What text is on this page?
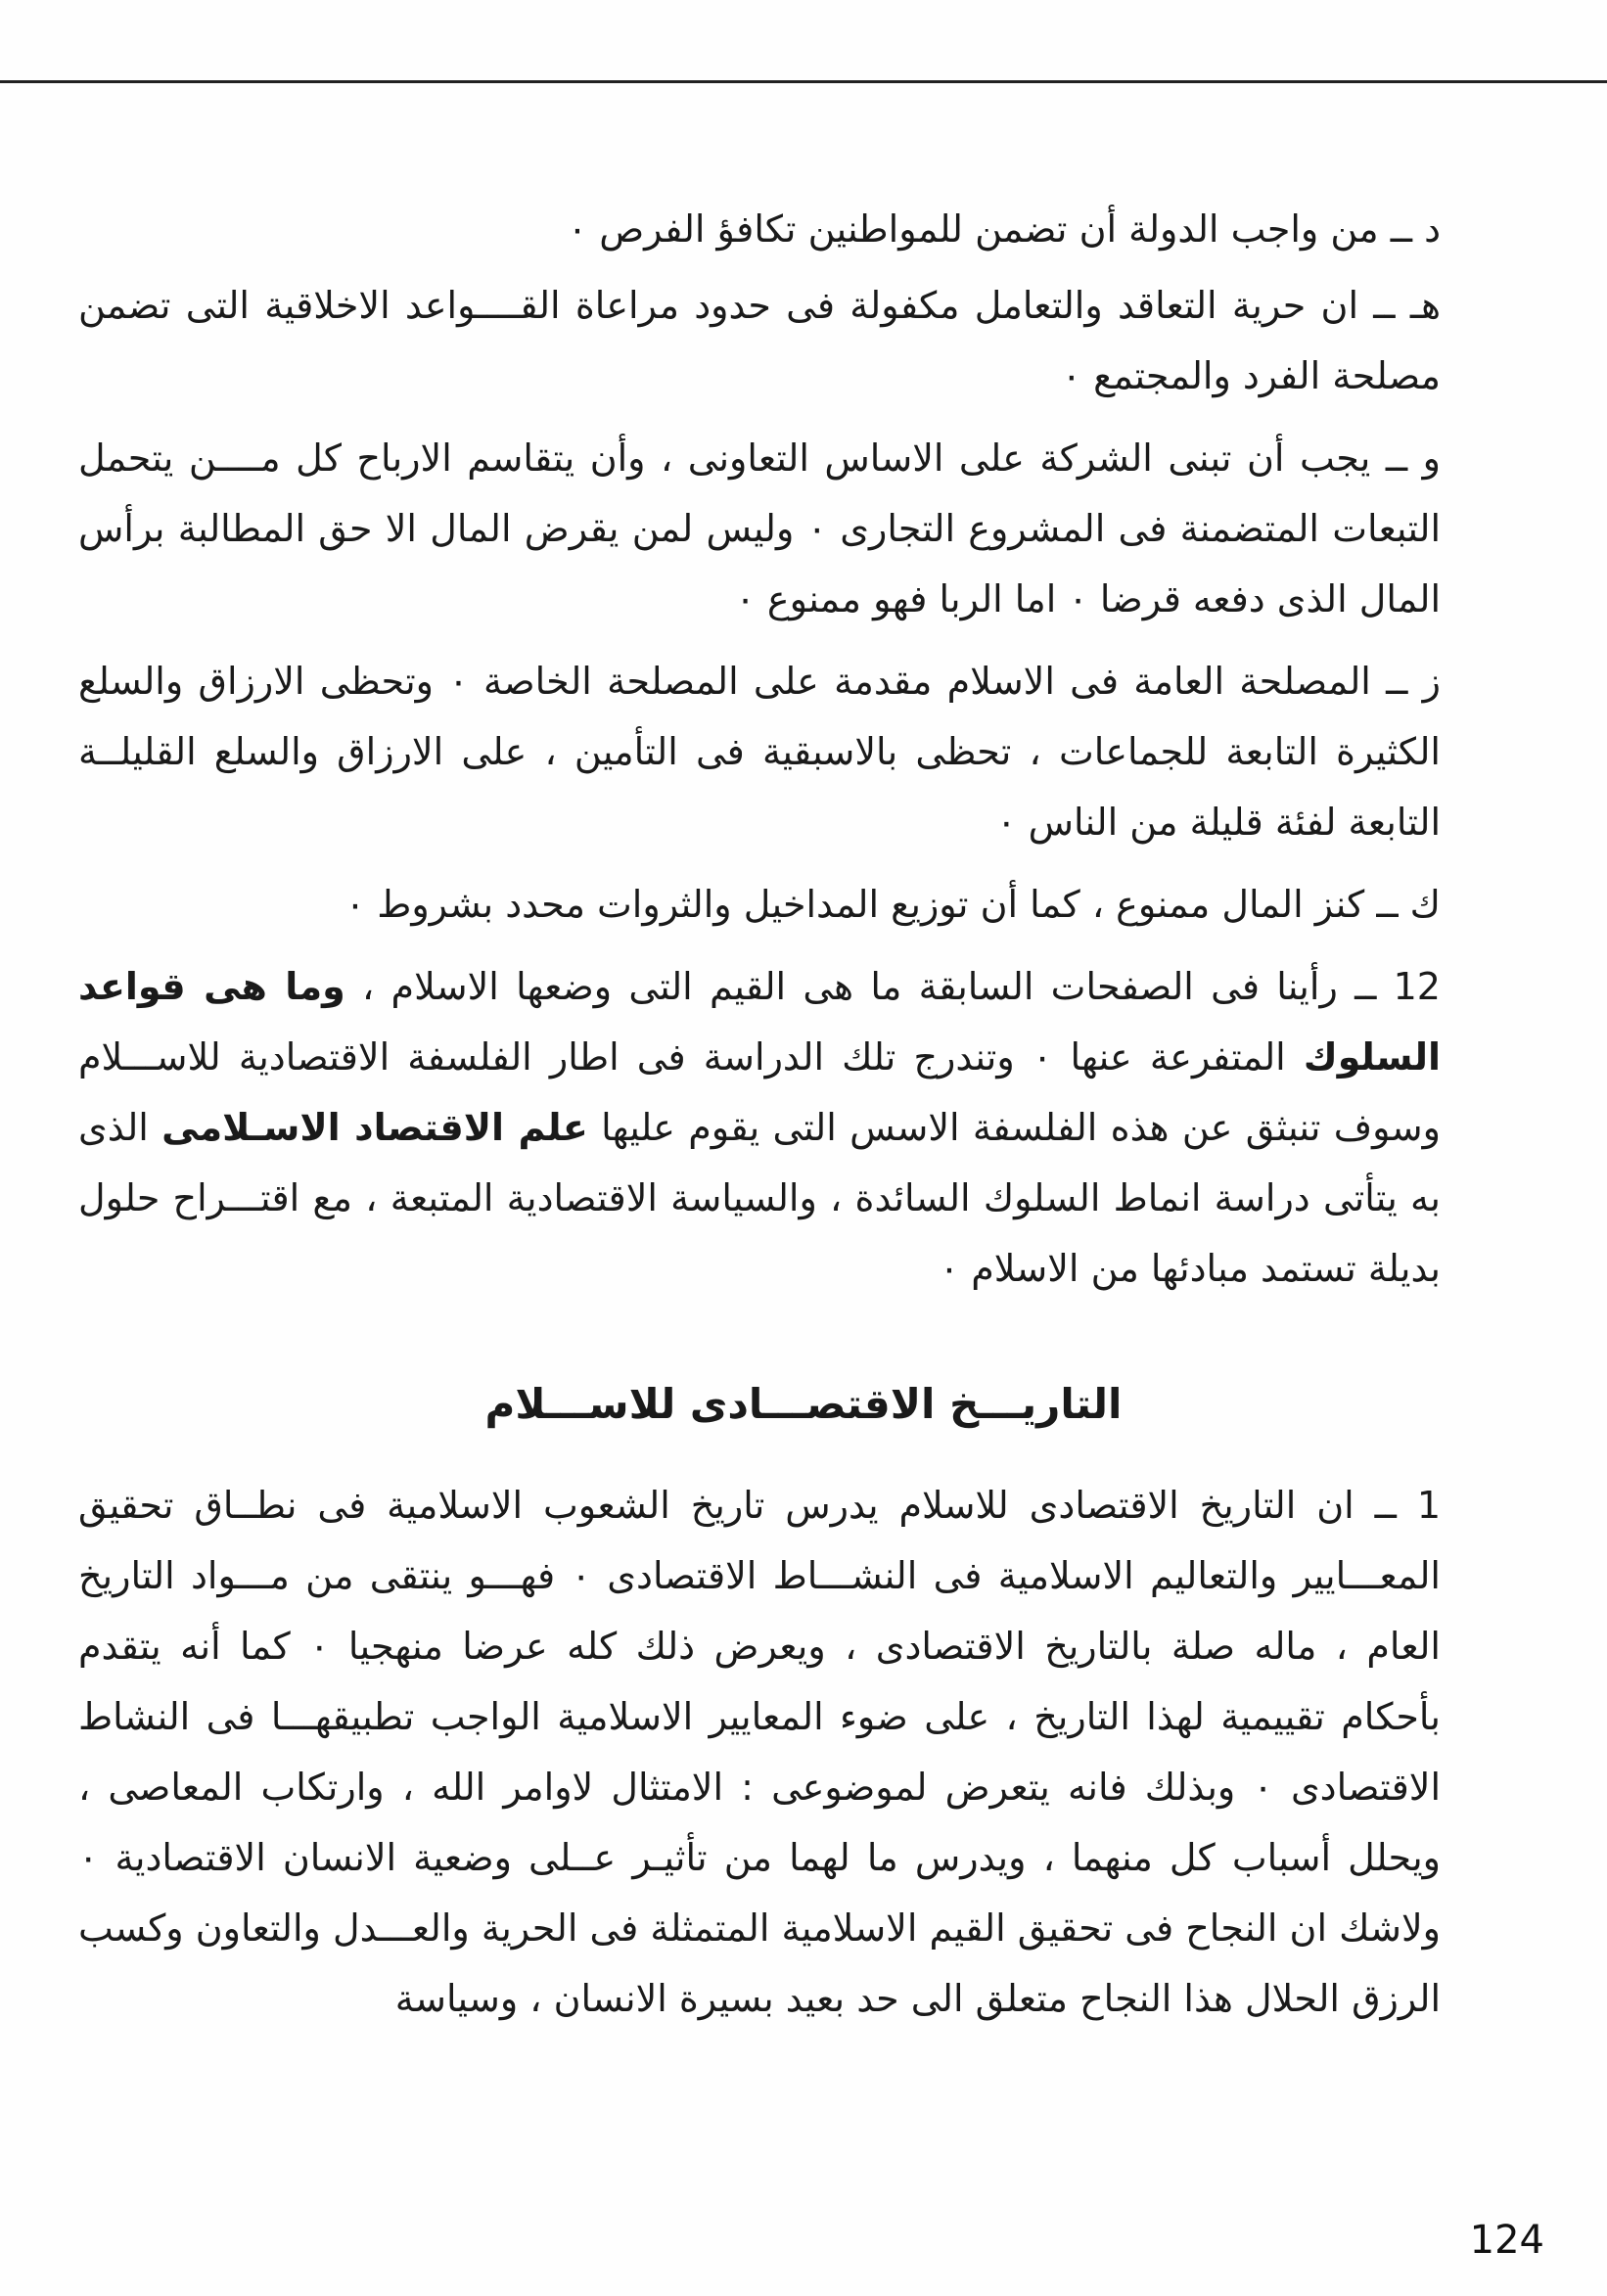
د ــ من واجب الدولة أن تضمن للمواطنين تكافؤ الفرص ٠

هـ ــ ان حرية التعاقد والتعامل مكفولة فى حدود مراعاة القــــواعد الاخلاقية التى تضمن مصلحة الفرد والمجتمع ٠

و ــ يجب أن تبنى الشركة على الاساس التعاونى ، وأن يتقاسم الارباح كل مــــن يتحمل التبعات المتضمنة فى المشروع التجارى ٠ وليس لمن يقرض المال الا حق المطالبة برأس المال الذى دفعه قرضا ٠ اما الربا فهو ممنوع ٠

ز ــ المصلحة العامة فى الاسلام مقدمة على المصلحة الخاصة ٠ وتحظى الارزاق والسلع الكثيرة التابعة للجماعات ، تحظى بالاسبقية فى التأمين ، على الارزاق والسلع القليلــة التابعة لفئة قليلة من الناس ٠

ك ــ كنز المال ممنوع ، كما أن توزيع المداخيل والثروات محدد بشروط ٠

12 ــ رأينا فى الصفحات السابقة ما هى القيم التى وضعها الاسلام ، وما هى قواعد السلوك المتفرعة عنها ٠ وتندرج تلك الدراسة فى اطار الفلسفة الاقتصادية للاســـلام وسوف تنبثق عن هذه الفلسفة الاسس التى يقوم عليها علم الاقتصاد الاسـلامى الذى به يتأتى دراسة انماط السلوك السائدة ، والسياسة الاقتصادية المتبعة ، مع اقتـــراح حلول بديلة تستمد مبادئها من الاسلام ٠

التاريـــخ الاقتصـــادى للاســـلام

1 ــ ان التاريخ الاقتصادى للاسلام يدرس تاريخ الشعوب الاسلامية فى نطــاق تحقيق المعـــايير والتعاليم الاسلامية فى النشـــاط الاقتصادى ٠ فهـــو ينتقى من مـــواد التاريخ العام ، ماله صلة بالتاريخ الاقتصادى ، ويعرض ذلك كله عرضا منهجيا ٠ كما أنه يتقدم بأحكام تقييمية لهذا التاريخ ، على ضوء المعايير الاسلامية الواجب تطبيقهـــا فى النشاط الاقتصادى ٠ وبذلك فانه يتعرض لموضوعى : الامتثال لاوامر الله ، وارتكاب المعاصى ، ويحلل أسباب كل منهما ، ويدرس ما لهما من تأثيـر عــلى وضعية الانسان الاقتصادية ٠ ولاشك ان النجاح فى تحقيق القيم الاسلامية المتمثلة فى الحرية والعـــدل والتعاون وكسب الرزق الحلال هذا النجاح متعلق الى حد بعيد بسيرة الانسان ، وسياسة

124
